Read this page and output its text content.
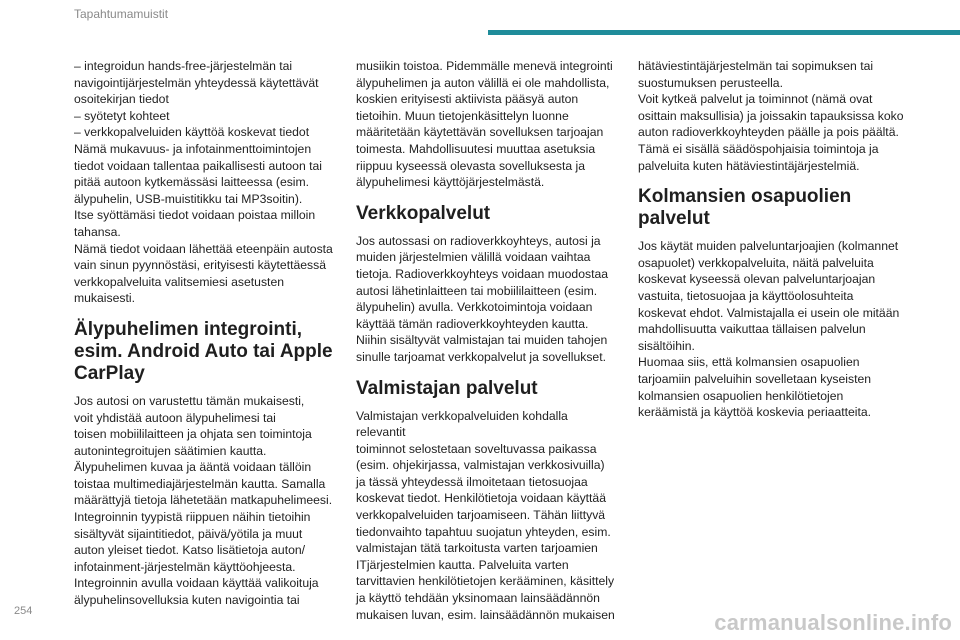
Tapahtumamuistit

– integroidun hands-free-järjestelmän tai

navigointijärjestelmän yhteydessä käytettävät

osoitekirjan tiedot

– syötetyt kohteet

– verkkopalveluiden käyttöä koskevat tiedot

Nämä mukavuus- ja infotainmenttoimintojen

tiedot voidaan tallentaa paikallisesti autoon tai

pitää autoon kytkemässäsi laitteessa (esim.

älypuhelin, USB-muistitikku tai MP3soitin).

Itse syöttämäsi tiedot voidaan poistaa milloin

tahansa.

Nämä tiedot voidaan lähettää eteenpäin autosta

vain sinun pyynnöstäsi, erityisesti käytettäessä

verkkopalveluita valitsemiesi asetusten

mukaisesti.

Älypuhelimen integrointi, esim. Android Auto tai Apple CarPlay

Jos autosi on varustettu tämän mukaisesti,

voit yhdistää autoon älypuhelimesi tai

toisen mobiililaitteen ja ohjata sen toimintoja

autonintegroitujen säätimien kautta.

Älypuhelimen kuvaa ja ääntä voidaan tällöin

toistaa multimediajärjestelmän kautta. Samalla

määrättyjä tietoja lähetetään matkapuhelimeesi.

Integroinnin tyypistä riippuen näihin tietoihin

sisältyvät sijaintitiedot, päivä/yötila ja muut

auton yleiset tiedot. Katso lisätietoja auton/

infotainment-järjestelmän käyttöohjeesta.

Integroinnin avulla voidaan käyttää valikoituja

älypuhelinsovelluksia kuten navigointia tai

musiikin toistoa. Pidemmälle menevä integrointi

älypuhelimen ja auton välillä ei ole mahdollista,

koskien erityisesti aktiivista pääsyä auton

tietoihin. Muun tietojenkäsittelyn luonne

määritetään käytettävän sovelluksen tarjoajan

toimesta. Mahdollisuutesi muuttaa asetuksia

riippuu kyseessä olevasta sovelluksesta ja

älypuhelimesi käyttöjärjestelmästä.

Verkkopalvelut

Jos autossasi on radioverkkoyhteys, autosi ja

muiden järjestelmien välillä voidaan vaihtaa

tietoja. Radioverkkoyhteys voidaan muodostaa

autosi lähetinlaitteen tai mobiililaitteen (esim.

älypuhelin) avulla. Verkkotoimintoja voidaan

käyttää tämän radioverkkoyhteyden kautta.

Niihin sisältyvät valmistajan tai muiden tahojen

sinulle tarjoamat verkkopalvelut ja sovellukset.

Valmistajan palvelut

Valmistajan verkkopalveluiden kohdalla relevantit

toiminnot selostetaan soveltuvassa paikassa

(esim. ohjekirjassa, valmistajan verkkosivuilla)

ja tässä yhteydessä ilmoitetaan tietosuojaa

koskevat tiedot. Henkilötietoja voidaan käyttää

verkkopalveluiden tarjoamiseen. Tähän liittyvä

tiedonvaihto tapahtuu suojatun yhteyden, esim.

valmistajan tätä tarkoitusta varten tarjoamien

ITjärjestelmien kautta. Palveluita varten

tarvittavien henkilötietojen kerääminen, käsittely

ja käyttö tehdään yksinomaan lainsäädännön

mukaisen luvan, esim. lainsäädännön mukaisen

hätäviestintäjärjestelmän tai sopimuksen tai

suostumuksen perusteella.

Voit kytkeä palvelut ja toiminnot (nämä ovat

osittain maksullisia) ja joissakin tapauksissa koko

auton radioverkkoyhteyden päälle ja pois päältä.

Tämä ei sisällä säädöspohjaisia toimintoja ja

palveluita kuten hätäviestintäjärjestelmiä.

Kolmansien osapuolien palvelut

Jos käytät muiden palveluntarjoajien (kolmannet

osapuolet) verkkopalveluita, näitä palveluita

koskevat kyseessä olevan palveluntarjoajan

vastuita, tietosuojaa ja käyttöolosuhteita

koskevat ehdot. Valmistajalla ei usein ole mitään

mahdollisuutta vaikuttaa tällaisen palvelun

sisältöihin.

Huomaa siis, että kolmansien osapuolien

tarjoamiin palveluihin sovelletaan kyseisten

kolmansien osapuolien henkilötietojen

keräämistä ja käyttöä koskevia periaatteita.

254	carmanualsonline.info
